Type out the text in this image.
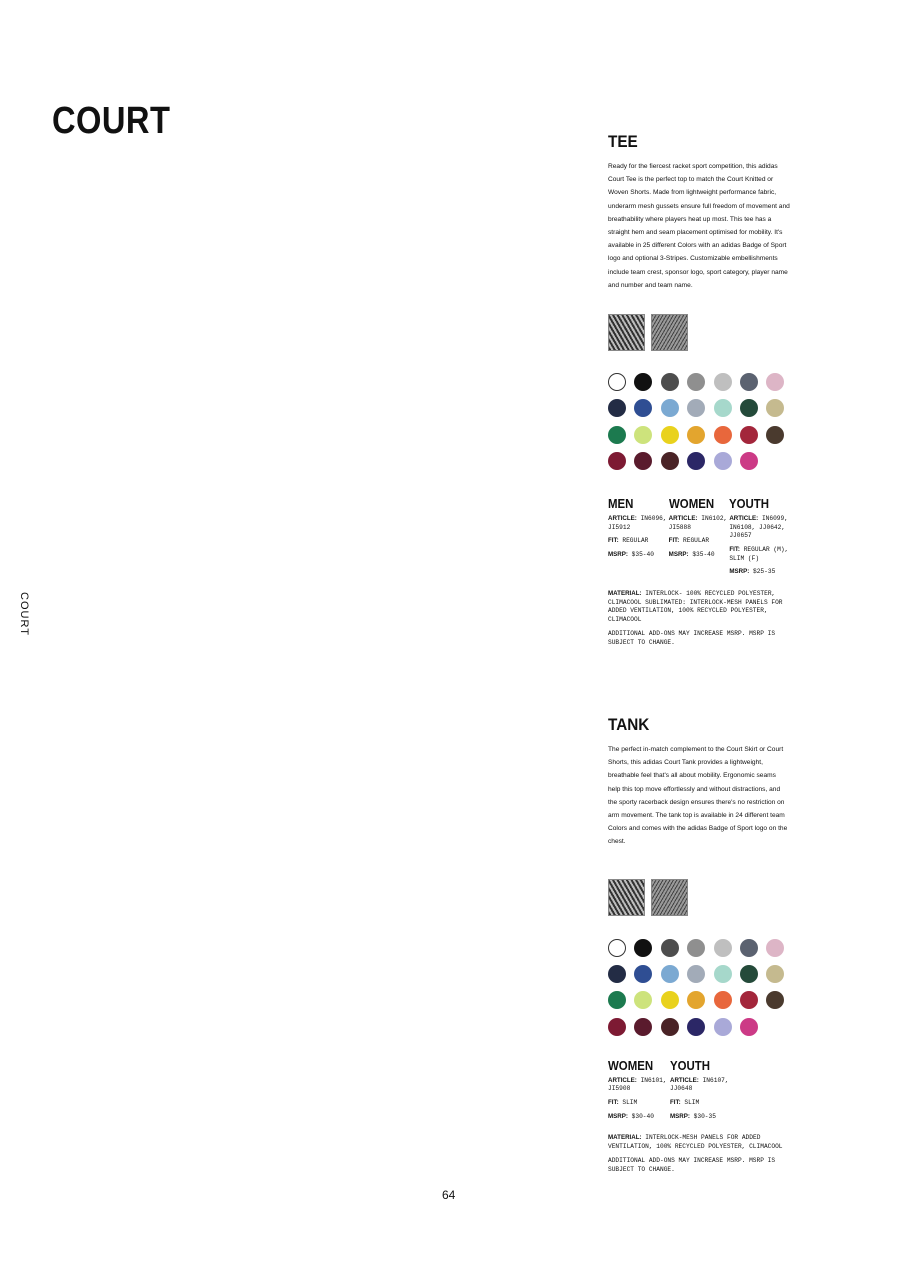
COURT
COURT
64
TEE

Ready for the fiercest racket sport competition, this adidas Court Tee is the perfect top to match the Court Knitted or Woven Shorts. Made from lightweight performance fabric, underarm mesh gussets ensure full freedom of movement and breathability where players heat up most. This tee has a straight hem and seam placement optimised for mobility. It's available in 25 different Colors with an adidas Badge of Sport logo and optional 3-Stripes. Customizable embellishments include team crest, sponsor logo, sport category, player name and number and team name.

MEN

ARTICLE: IN6096, JI5912

FIT: REGULAR

MSRP: $35-40

WOMEN

ARTICLE: IN6102, JI5888

FIT: REGULAR

MSRP: $35-40

YOUTH

ARTICLE: IN6099, IN6108, JJ0642, JJ0657

FIT: REGULAR (M), SLIM (F)

MSRP: $25-35

MATERIAL: INTERLOCK- 100% RECYCLED POLYESTER, CLIMACOOL SUBLIMATED: INTERLOCK-MESH PANELS FOR ADDED VENTILATION, 100% RECYCLED POLYESTER, CLIMACOOL

ADDITIONAL ADD-ONS MAY INCREASE MSRP. MSRP IS SUBJECT TO CHANGE.

TANK

The perfect in-match complement to the Court Skirt or Court Shorts, this adidas Court Tank provides a lightweight, breathable feel that's all about mobility. Ergonomic seams help this top move effortlessly and without distractions, and the sporty racerback design ensures there's no restriction on arm movement. The tank top is available in 24 different team Colors and comes with the adidas Badge of Sport logo on the chest.

WOMEN

ARTICLE: IN6101, JI5908

FIT: SLIM

MSRP: $30-40

YOUTH

ARTICLE: IN6107, JJ0648

FIT: SLIM

MSRP: $30-35

MATERIAL: INTERLOCK-MESH PANELS FOR ADDED VENTILATION, 100% RECYCLED POLYESTER, CLIMACOOL

ADDITIONAL ADD-ONS MAY INCREASE MSRP. MSRP IS SUBJECT TO CHANGE.
